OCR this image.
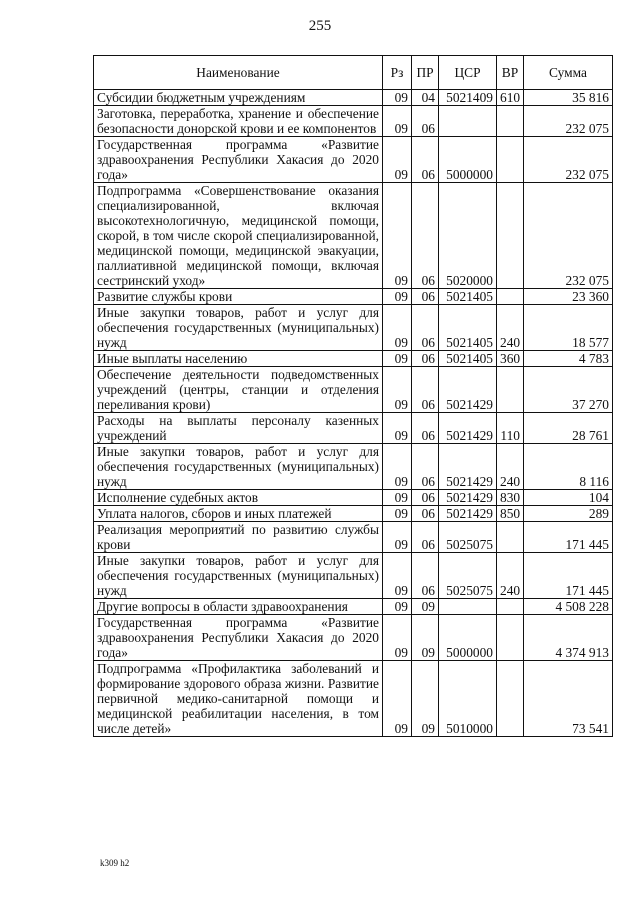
255
Наименование	Рз	ПР	ЦСР	ВР	Сумма
Субсидии бюджетным учреждениям	09	04	5021409	610	35 816
Заготовка, переработка, хранение и обеспечение безопасности донорской крови и ее компонентов	09	06			232 075
Государственная программа «Развитие здравоохранения Республики Хакасия до 2020 года»	09	06	5000000		232 075
Подпрограмма «Совершенствование оказания специализированной, включая высокотехнологичную, медицинской помощи, скорой, в том числе скорой специализированной, медицинской помощи, медицинской эвакуации, паллиативной медицинской помощи, включая сестринский уход»	09	06	5020000		232 075
Развитие службы крови	09	06	5021405		23 360
Иные закупки товаров, работ и услуг для обеспечения государственных (муниципальных) нужд	09	06	5021405	240	18 577
Иные выплаты населению	09	06	5021405	360	4 783
Обеспечение деятельности подведомственных учреждений (центры, станции и отделения переливания крови)	09	06	5021429		37 270
Расходы на выплаты персоналу казенных учреждений	09	06	5021429	110	28 761
Иные закупки товаров, работ и услуг для обеспечения государственных (муниципальных) нужд	09	06	5021429	240	8 116
Исполнение судебных актов	09	06	5021429	830	104
Уплата налогов, сборов и иных платежей	09	06	5021429	850	289
Реализация мероприятий по развитию службы крови	09	06	5025075		171 445
Иные закупки товаров, работ и услуг для обеспечения государственных (муниципальных) нужд	09	06	5025075	240	171 445
Другие вопросы в области здравоохранения	09	09			4 508 228
Государственная программа «Развитие здравоохранения Республики Хакасия до 2020 года»	09	09	5000000		4 374 913
Подпрограмма «Профилактика заболеваний и формирование здорового образа жизни. Развитие первичной медико-санитарной помощи и медицинской реабилитации населения, в том числе детей»	09	09	5010000		73 541
k309 h2
